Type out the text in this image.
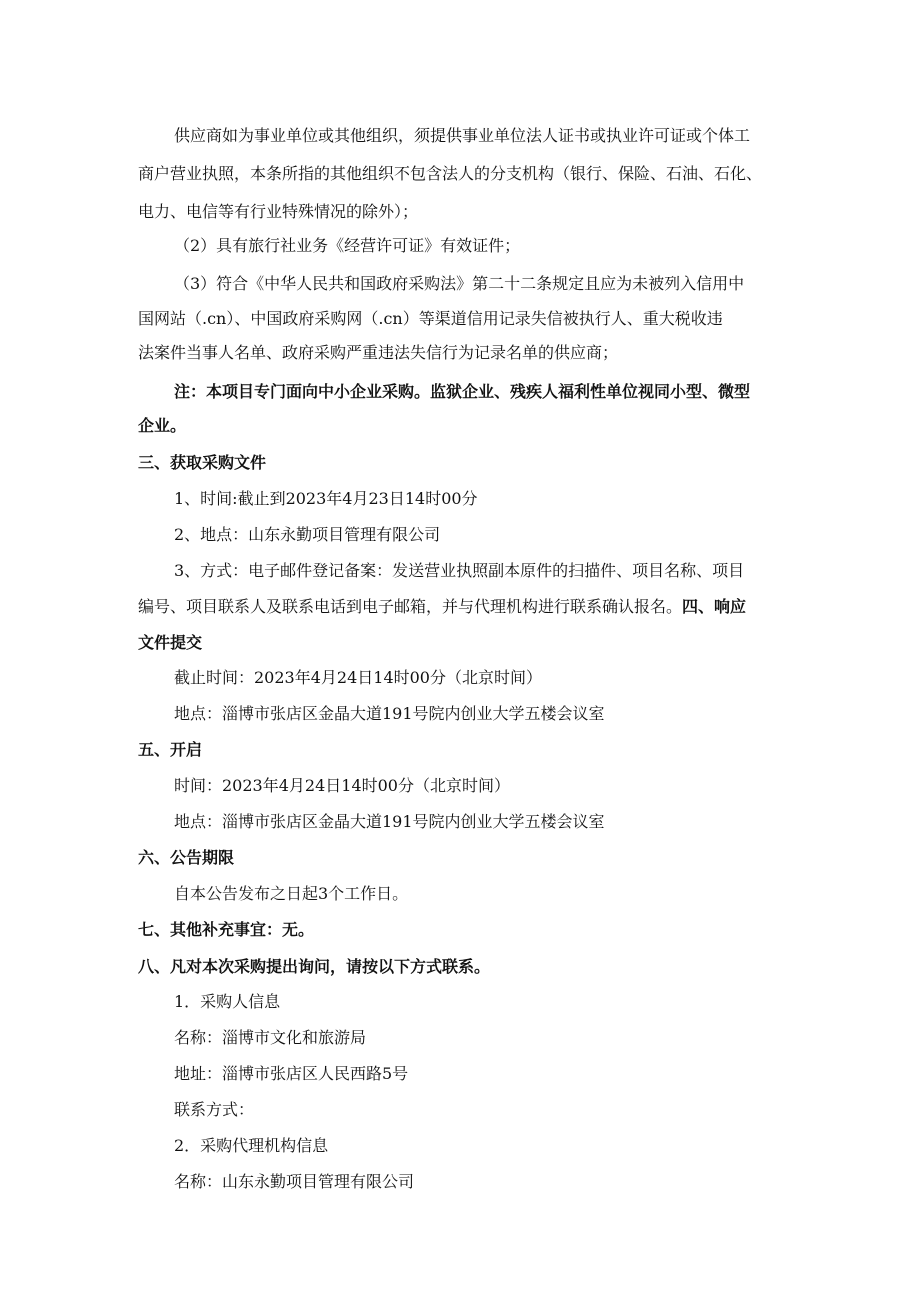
供应商如为事业单位或其他组织，须提供事业单位法人证书或执业许可证或个体工
商户营业执照，本条所指的其他组织不包含法人的分支机构（银行、保险、石油、石化、
电力、电信等有行业特殊情况的除外）；
（2）具有旅行社业务《经营许可证》有效证件；
（3）符合《中华人民共和国政府采购法》第二十二条规定且应为未被列入信用中
国网站（.cn）、中国政府采购网（.cn）等渠道信用记录失信被执行人、重大税收违
法案件当事人名单、政府采购严重违法失信行为记录名单的供应商；
注：本项目专门面向中小企业采购。监狱企业、残疾人福利性单位视同小型、微型
企业。
三、获取采购文件
1、时间:截止到2023年4月23日14时00分
2、地点：山东永勤项目管理有限公司
3、方式：电子邮件登记备案：发送营业执照副本原件的扫描件、项目名称、项目
编号、项目联系人及联系电话到电子邮箱，并与代理机构进行联系确认报名。四、响应
文件提交
截止时间：2023年4月24日14时00分（北京时间）
地点：淄博市张店区金晶大道191号院内创业大学五楼会议室
五、开启
时间：2023年4月24日14时00分（北京时间）
地点：淄博市张店区金晶大道191号院内创业大学五楼会议室
六、公告期限
自本公告发布之日起3个工作日。
七、其他补充事宜：无。
八、凡对本次采购提出询问，请按以下方式联系。
1．采购人信息
名称：淄博市文化和旅游局
地址：淄博市张店区人民西路5号
联系方式：
2．采购代理机构信息
名称：山东永勤项目管理有限公司
